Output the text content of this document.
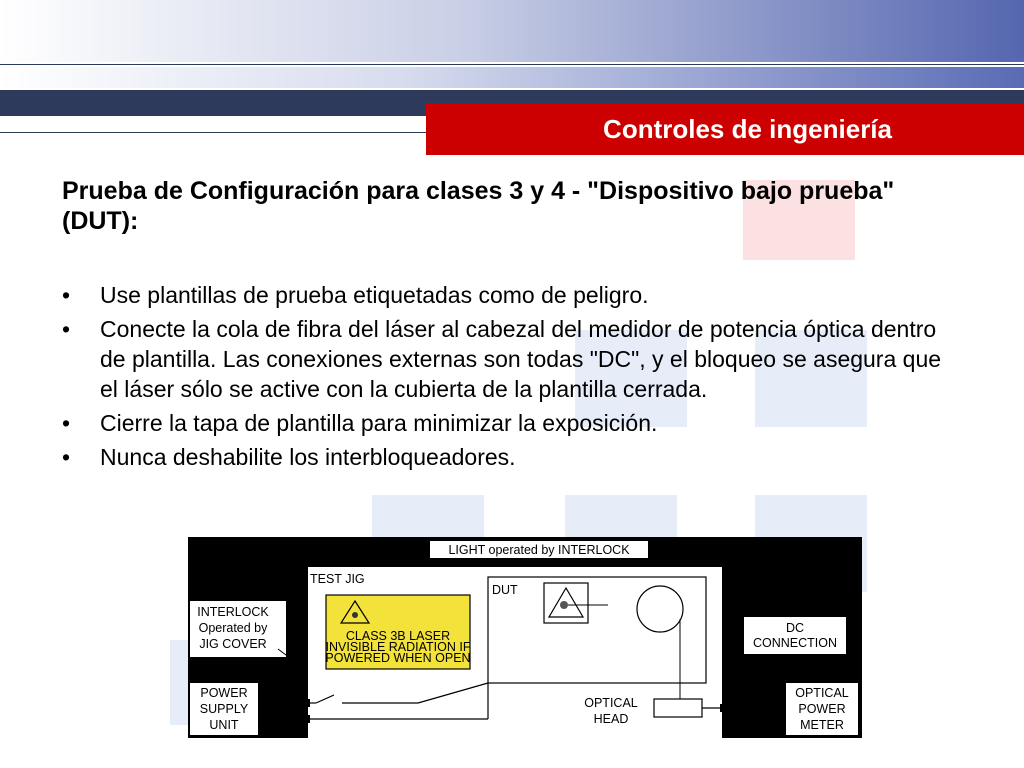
Controles de ingeniería
Prueba de Configuración para clases 3 y 4 - "Dispositivo bajo prueba" (DUT):
• Use plantillas de prueba etiquetadas como de peligro.
• Conecte la cola de fibra del láser al cabezal del medidor de potencia óptica dentro de plantilla. Las conexiones externas son todas "DC", y el bloqueo se asegura que el láser sólo se active con la cubierta de la plantilla cerrada.
• Cierre la tapa de plantilla para minimizar la exposición.
• Nunca deshabilite los interbloqueadores.
LIGHT operated by INTERLOCK
TEST JIG
DUT
CLASS 3B LASER
INVISIBLE RADIATION IF
POWERED WHEN OPEN
INTERLOCK
Operated by
JIG COVER
DC
CONNECTION
POWER
SUPPLY
UNIT
OPTICAL
POWER
METER
OPTICAL
HEAD
